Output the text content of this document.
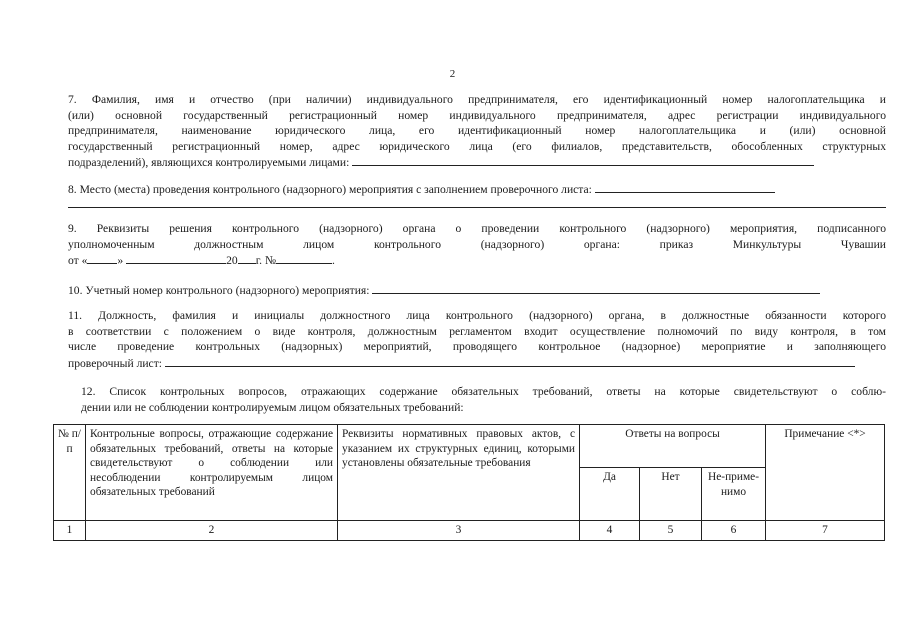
2
7. Фамилия, имя и отчество (при наличии) индивидуального предпринимателя, его идентификационный номер налогоплательщика и
(или) основной государственный регистрационный номер индивидуального предпринимателя, адрес регистрации индивидуального
предпринимателя, наименование юридического лица, его идентификационный номер налогоплательщика и (или) основной
государственный регистрационный номер, адрес юридического лица (его филиалов, представительств, обособленных структурных
подразделений), являющихся контролируемыми лицами:
8. Место (места) проведения контрольного (надзорного) мероприятия с заполнением проверочного листа:
9. Реквизиты решения контрольного (надзорного) органа о проведении контрольного (надзорного) мероприятия, подписанного
уполномоченным должностным лицом контрольного (надзорного) органа: приказ Минкультуры Чувашии
от «	»	20 г. №	.
10. Учетный номер контрольного (надзорного) мероприятия:
11. Должность, фамилия и инициалы должностного лица контрольного (надзорного) органа, в должностные обязанности которого
в соответствии с положением о виде контроля, должностным регламентом входит осуществление полномочий по виду контроля, в том
числе проведение контрольных (надзорных) мероприятий, проводящего контрольное (надзорное) мероприятие и заполняющего
проверочный лист:
12. Список контрольных вопросов, отражающих содержание обязательных требований, ответы на которые свидетельствуют о соблю-
дении или не соблюдении контролируемым лицом обязательных требований:
№ п/п	Контрольные вопросы, отражающие содержание обязательных требований, ответы на которые свидетельствуют о соблюдении или несоблюдении контролируемым лицом обязательных требований	Реквизиты нормативных правовых актов, с указанием их структурных единиц, которыми установлены обязательные требования	Ответы на вопросы			Примечание <*>
			Да	Нет	Не-приме-нимо	
1	2	3	4	5	6	7
